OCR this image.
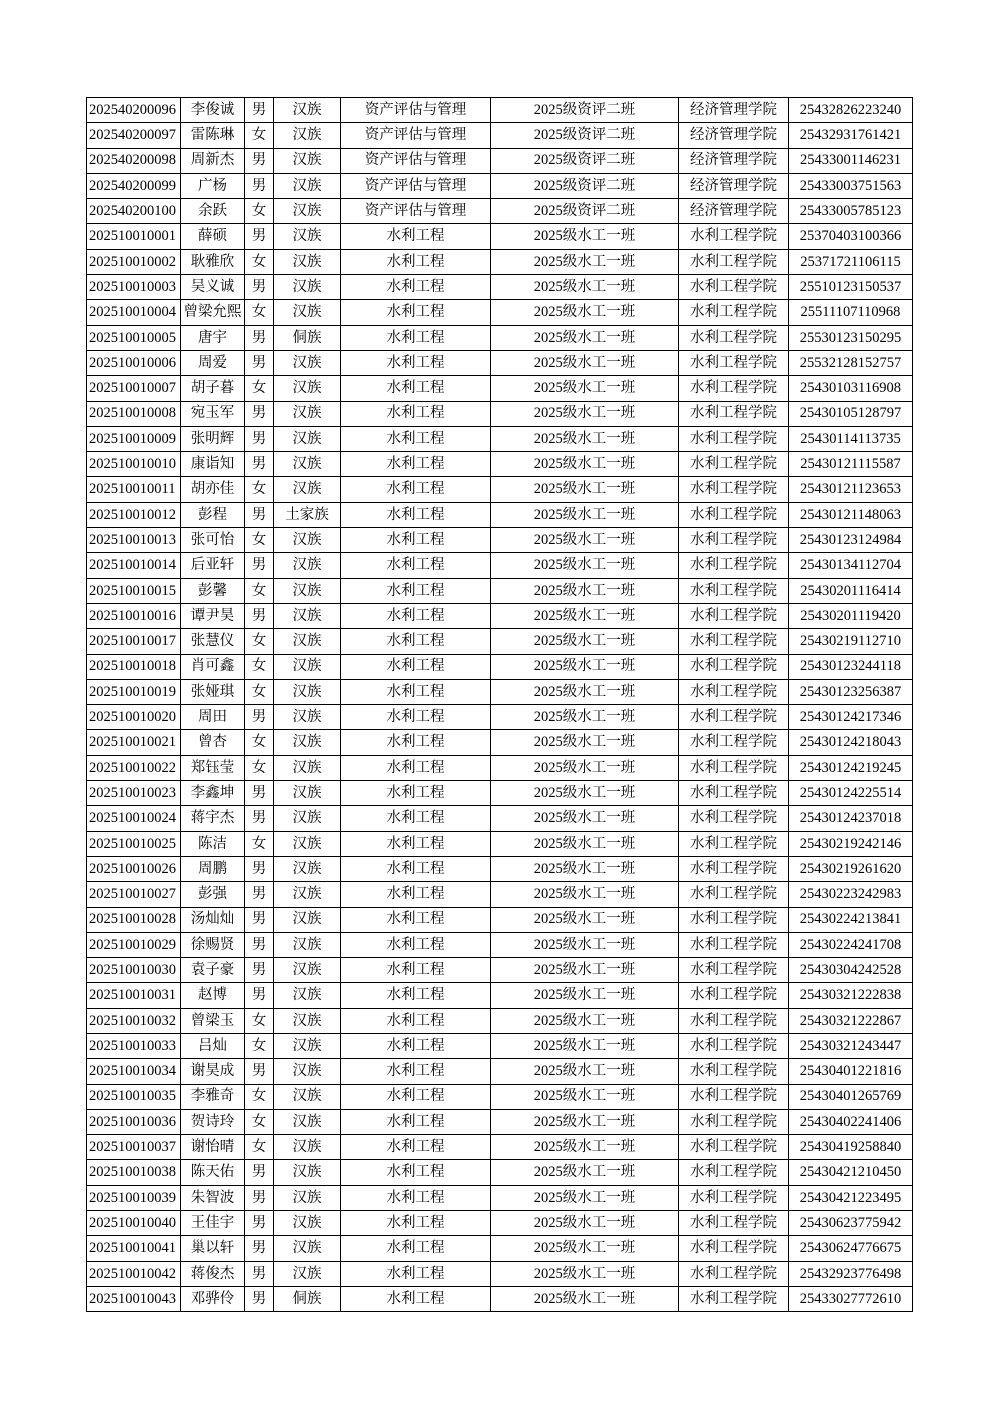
202540200096	李俊诚	男	汉族	资产评估与管理	2025级资评二班	经济管理学院	25432826223240
202540200097	雷陈琳	女	汉族	资产评估与管理	2025级资评二班	经济管理学院	25432931761421
202540200098	周新杰	男	汉族	资产评估与管理	2025级资评二班	经济管理学院	25433001146231
202540200099	广杨	男	汉族	资产评估与管理	2025级资评二班	经济管理学院	25433003751563
202540200100	余跃	女	汉族	资产评估与管理	2025级资评二班	经济管理学院	25433005785123
202510010001	薛硕	男	汉族	水利工程	2025级水工一班	水利工程学院	25370403100366
202510010002	耿雅欣	女	汉族	水利工程	2025级水工一班	水利工程学院	25371721106115
202510010003	吴义诚	男	汉族	水利工程	2025级水工一班	水利工程学院	25510123150537
202510010004	曾梁允熙	女	汉族	水利工程	2025级水工一班	水利工程学院	25511107110968
202510010005	唐宇	男	侗族	水利工程	2025级水工一班	水利工程学院	25530123150295
202510010006	周爱	男	汉族	水利工程	2025级水工一班	水利工程学院	25532128152757
202510010007	胡子暮	女	汉族	水利工程	2025级水工一班	水利工程学院	25430103116908
202510010008	宛玉军	男	汉族	水利工程	2025级水工一班	水利工程学院	25430105128797
202510010009	张明辉	男	汉族	水利工程	2025级水工一班	水利工程学院	25430114113735
202510010010	康诣知	男	汉族	水利工程	2025级水工一班	水利工程学院	25430121115587
202510010011	胡亦佳	女	汉族	水利工程	2025级水工一班	水利工程学院	25430121123653
202510010012	彭程	男	土家族	水利工程	2025级水工一班	水利工程学院	25430121148063
202510010013	张可怡	女	汉族	水利工程	2025级水工一班	水利工程学院	25430123124984
202510010014	后亚轩	男	汉族	水利工程	2025级水工一班	水利工程学院	25430134112704
202510010015	彭馨	女	汉族	水利工程	2025级水工一班	水利工程学院	25430201116414
202510010016	谭尹昊	男	汉族	水利工程	2025级水工一班	水利工程学院	25430201119420
202510010017	张慧仪	女	汉族	水利工程	2025级水工一班	水利工程学院	25430219112710
202510010018	肖可鑫	女	汉族	水利工程	2025级水工一班	水利工程学院	25430123244118
202510010019	张娅琪	女	汉族	水利工程	2025级水工一班	水利工程学院	25430123256387
202510010020	周田	男	汉族	水利工程	2025级水工一班	水利工程学院	25430124217346
202510010021	曾杏	女	汉族	水利工程	2025级水工一班	水利工程学院	25430124218043
202510010022	郑钰莹	女	汉族	水利工程	2025级水工一班	水利工程学院	25430124219245
202510010023	李鑫坤	男	汉族	水利工程	2025级水工一班	水利工程学院	25430124225514
202510010024	蒋宇杰	男	汉族	水利工程	2025级水工一班	水利工程学院	25430124237018
202510010025	陈洁	女	汉族	水利工程	2025级水工一班	水利工程学院	25430219242146
202510010026	周鹏	男	汉族	水利工程	2025级水工一班	水利工程学院	25430219261620
202510010027	彭强	男	汉族	水利工程	2025级水工一班	水利工程学院	25430223242983
202510010028	汤灿灿	男	汉族	水利工程	2025级水工一班	水利工程学院	25430224213841
202510010029	徐赐贤	男	汉族	水利工程	2025级水工一班	水利工程学院	25430224241708
202510010030	袁子豪	男	汉族	水利工程	2025级水工一班	水利工程学院	25430304242528
202510010031	赵博	男	汉族	水利工程	2025级水工一班	水利工程学院	25430321222838
202510010032	曾梁玉	女	汉族	水利工程	2025级水工一班	水利工程学院	25430321222867
202510010033	吕灿	女	汉族	水利工程	2025级水工一班	水利工程学院	25430321243447
202510010034	谢昊成	男	汉族	水利工程	2025级水工一班	水利工程学院	25430401221816
202510010035	李雅奇	女	汉族	水利工程	2025级水工一班	水利工程学院	25430401265769
202510010036	贺诗玲	女	汉族	水利工程	2025级水工一班	水利工程学院	25430402241406
202510010037	谢怡晴	女	汉族	水利工程	2025级水工一班	水利工程学院	25430419258840
202510010038	陈天佑	男	汉族	水利工程	2025级水工一班	水利工程学院	25430421210450
202510010039	朱智波	男	汉族	水利工程	2025级水工一班	水利工程学院	25430421223495
202510010040	王佳宇	男	汉族	水利工程	2025级水工一班	水利工程学院	25430623775942
202510010041	巢以轩	男	汉族	水利工程	2025级水工一班	水利工程学院	25430624776675
202510010042	蒋俊杰	男	汉族	水利工程	2025级水工一班	水利工程学院	25432923776498
202510010043	邓骅伶	男	侗族	水利工程	2025级水工一班	水利工程学院	25433027772610
